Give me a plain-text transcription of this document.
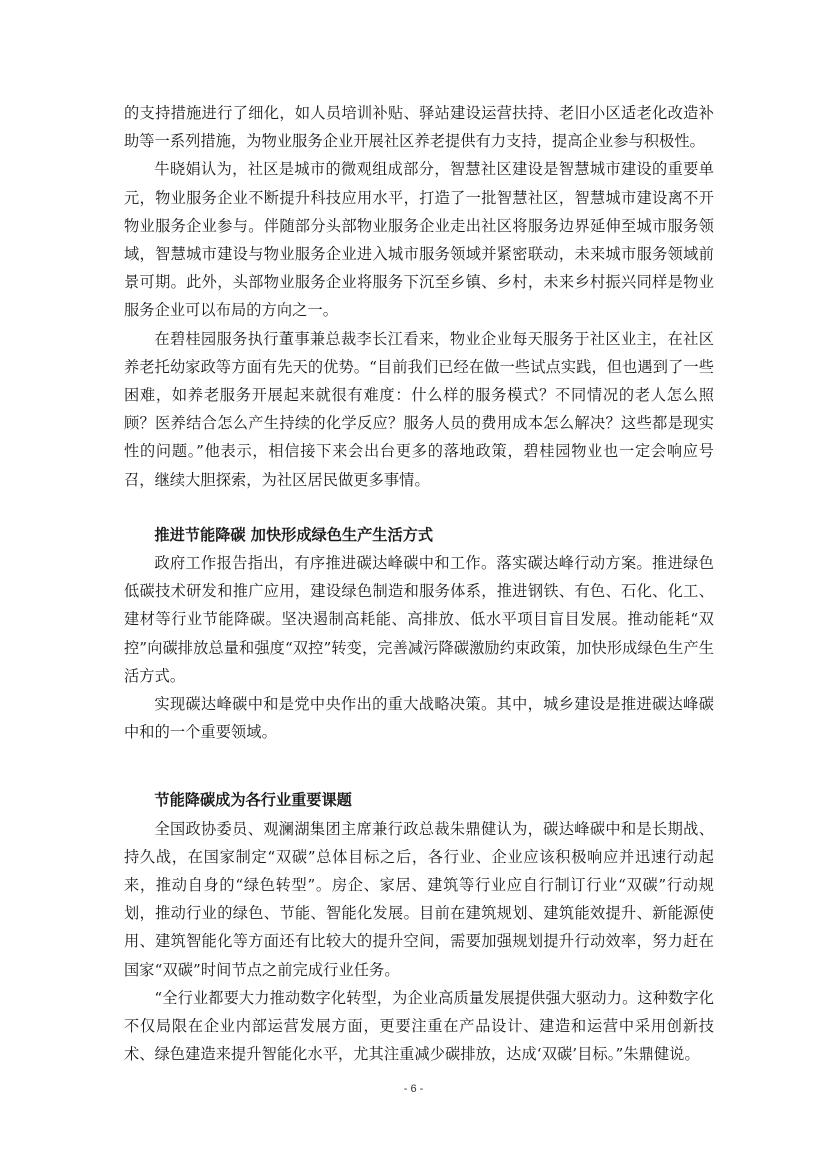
的支持措施进行了细化，如人员培训补贴、驿站建设运营扶持、老旧小区适老化改造补助等一系列措施，为物业服务企业开展社区养老提供有力支持，提高企业参与积极性。

牛晓娟认为，社区是城市的微观组成部分，智慧社区建设是智慧城市建设的重要单元，物业服务企业不断提升科技应用水平，打造了一批智慧社区，智慧城市建设离不开物业服务企业参与。伴随部分头部物业服务企业走出社区将服务边界延伸至城市服务领域，智慧城市建设与物业服务企业进入城市服务领域并紧密联动，未来城市服务领域前景可期。此外，头部物业服务企业将服务下沉至乡镇、乡村，未来乡村振兴同样是物业服务企业可以布局的方向之一。

在碧桂园服务执行董事兼总裁李长江看来，物业企业每天服务于社区业主，在社区养老托幼家政等方面有先天的优势。“目前我们已经在做一些试点实践，但也遇到了一些困难，如养老服务开展起来就很有难度：什么样的服务模式？不同情况的老人怎么照顾？医养结合怎么产生持续的化学反应？服务人员的费用成本怎么解决？这些都是现实性的问题。”他表示，相信接下来会出台更多的落地政策，碧桂园物业也一定会响应号召，继续大胆探索，为社区居民做更多事情。

推进节能降碳 加快形成绿色生产生活方式

政府工作报告指出，有序推进碳达峰碳中和工作。落实碳达峰行动方案。推进绿色低碳技术研发和推广应用，建设绿色制造和服务体系，推进钢铁、有色、石化、化工、建材等行业节能降碳。坚决遏制高耗能、高排放、低水平项目盲目发展。推动能耗“双控”向碳排放总量和强度“双控”转变，完善减污降碳激励约束政策，加快形成绿色生产生活方式。

实现碳达峰碳中和是党中央作出的重大战略决策。其中，城乡建设是推进碳达峰碳中和的一个重要领域。

节能降碳成为各行业重要课题

全国政协委员、观澜湖集团主席兼行政总裁朱鼎健认为，碳达峰碳中和是长期战、持久战，在国家制定“双碳”总体目标之后，各行业、企业应该积极响应并迅速行动起来，推动自身的“绿色转型”。房企、家居、建筑等行业应自行制订行业“双碳”行动规划，推动行业的绿色、节能、智能化发展。目前在建筑规划、建筑能效提升、新能源使用、建筑智能化等方面还有比较大的提升空间，需要加强规划提升行动效率，努力赶在国家“双碳”时间节点之前完成行业任务。

“全行业都要大力推动数字化转型，为企业高质量发展提供强大驱动力。这种数字化不仅局限在企业内部运营发展方面，更要注重在产品设计、建造和运营中采用创新技术、绿色建造来提升智能化水平，尤其注重减少碳排放，达成‘双碳’目标。”朱鼎健说。

- 6 -
